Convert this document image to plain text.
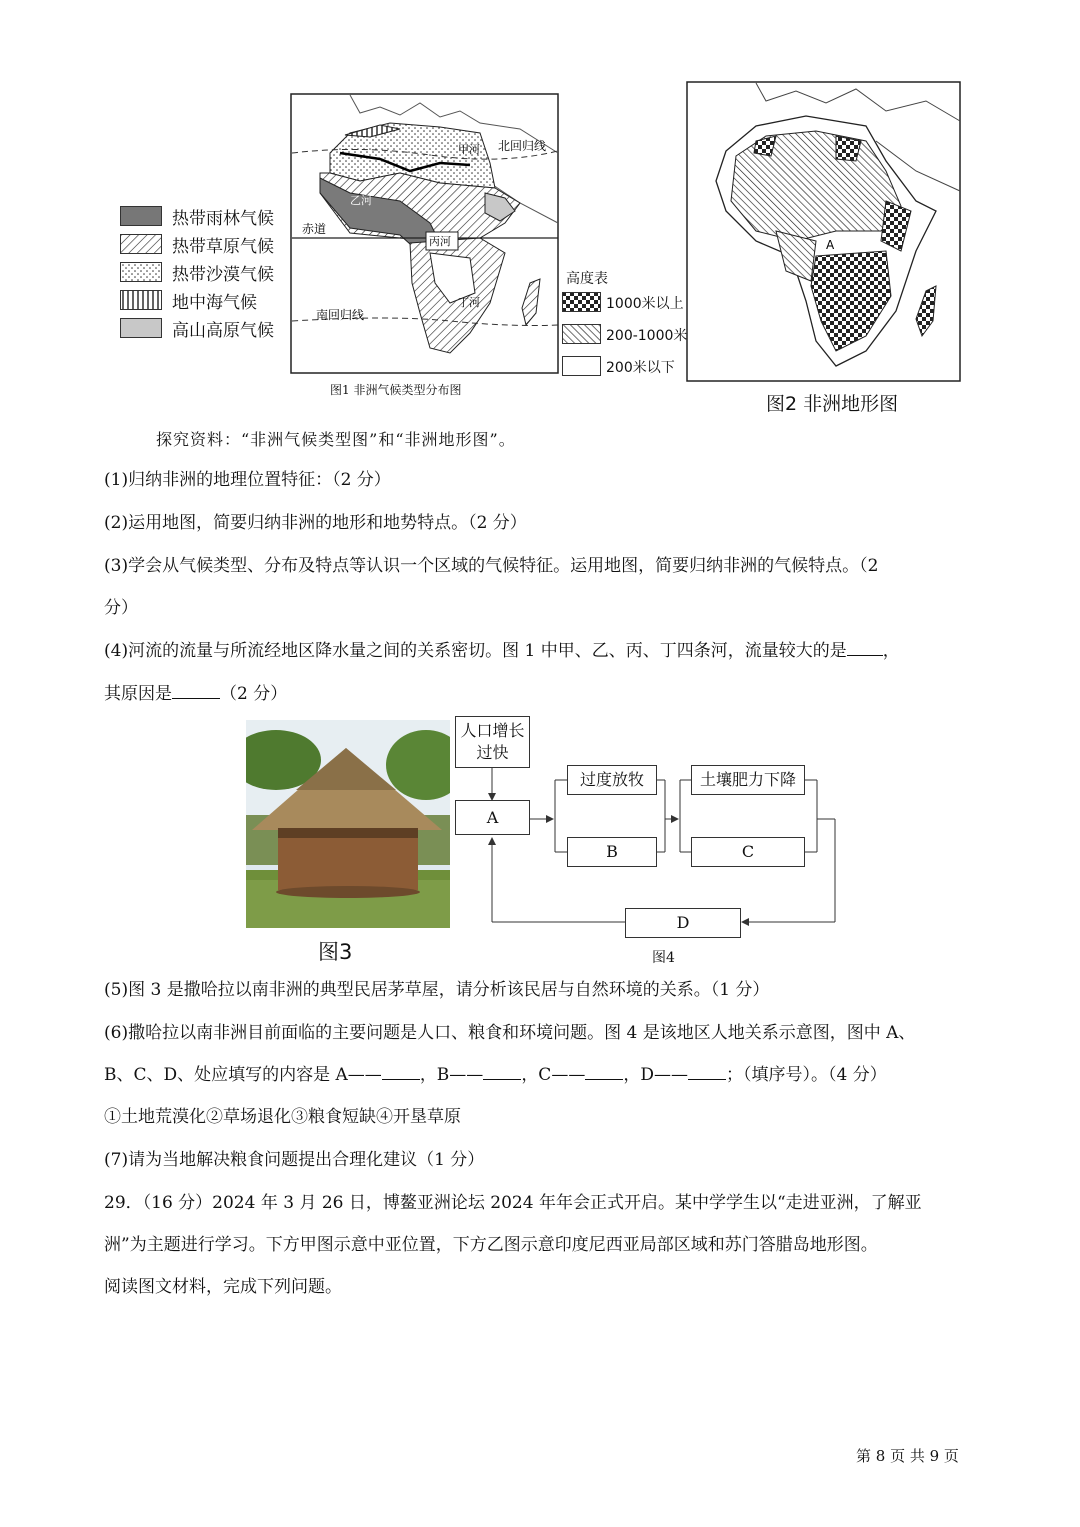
热带雨林气候
热带草原气候
热带沙漠气候
地中海气候
高山高原气候
赤道
北回归线
南回归线
甲河
乙河
丙河
丁河
图1 非洲气候类型分布图
高度表
1000米以上
200-1000米
200米以下
A
图2 非洲地形图
探究资料：“非洲气候类型图”和“非洲地形图”。
(1)归纳非洲的地理位置特征：（2 分）
(2)运用地图，简要归纳非洲的地形和地势特点。（2 分）
(3)学会从气候类型、分布及特点等认识一个区域的气候特征。运用地图，简要归纳非洲的气候特点。（2
分）
(4)河流的流量与所流经地区降水量之间的关系密切。图 1 中甲、乙、丙、丁四条河，流量较大的是 ，
其原因是	（2 分）
图3
人口增长过快
A
过度放牧
B
土壤肥力下降
C
D
图4
(5)图 3 是撒哈拉以南非洲的典型民居茅草屋，请分析该民居与自然环境的关系。（1 分）
(6)撒哈拉以南非洲目前面临的主要问题是人口、粮食和环境问题。图 4 是该地区人地关系示意图，图中 A、
B、C、D、处应填写的内容是 A—— ，B—— ，C—— ，D—— ；（填序号）。（4 分）
①土地荒漠化②草场退化③粮食短缺④开垦草原
(7)请为当地解决粮食问题提出合理化建议（1 分）
29．（16 分）2024 年 3 月 26 日，博鳌亚洲论坛 2024 年年会正式开启。某中学学生以“走进亚洲，了解亚
洲”为主题进行学习。下方甲图示意中亚位置，下方乙图示意印度尼西亚局部区域和苏门答腊岛地形图。
阅读图文材料，完成下列问题。
第 8 页 共 9 页
